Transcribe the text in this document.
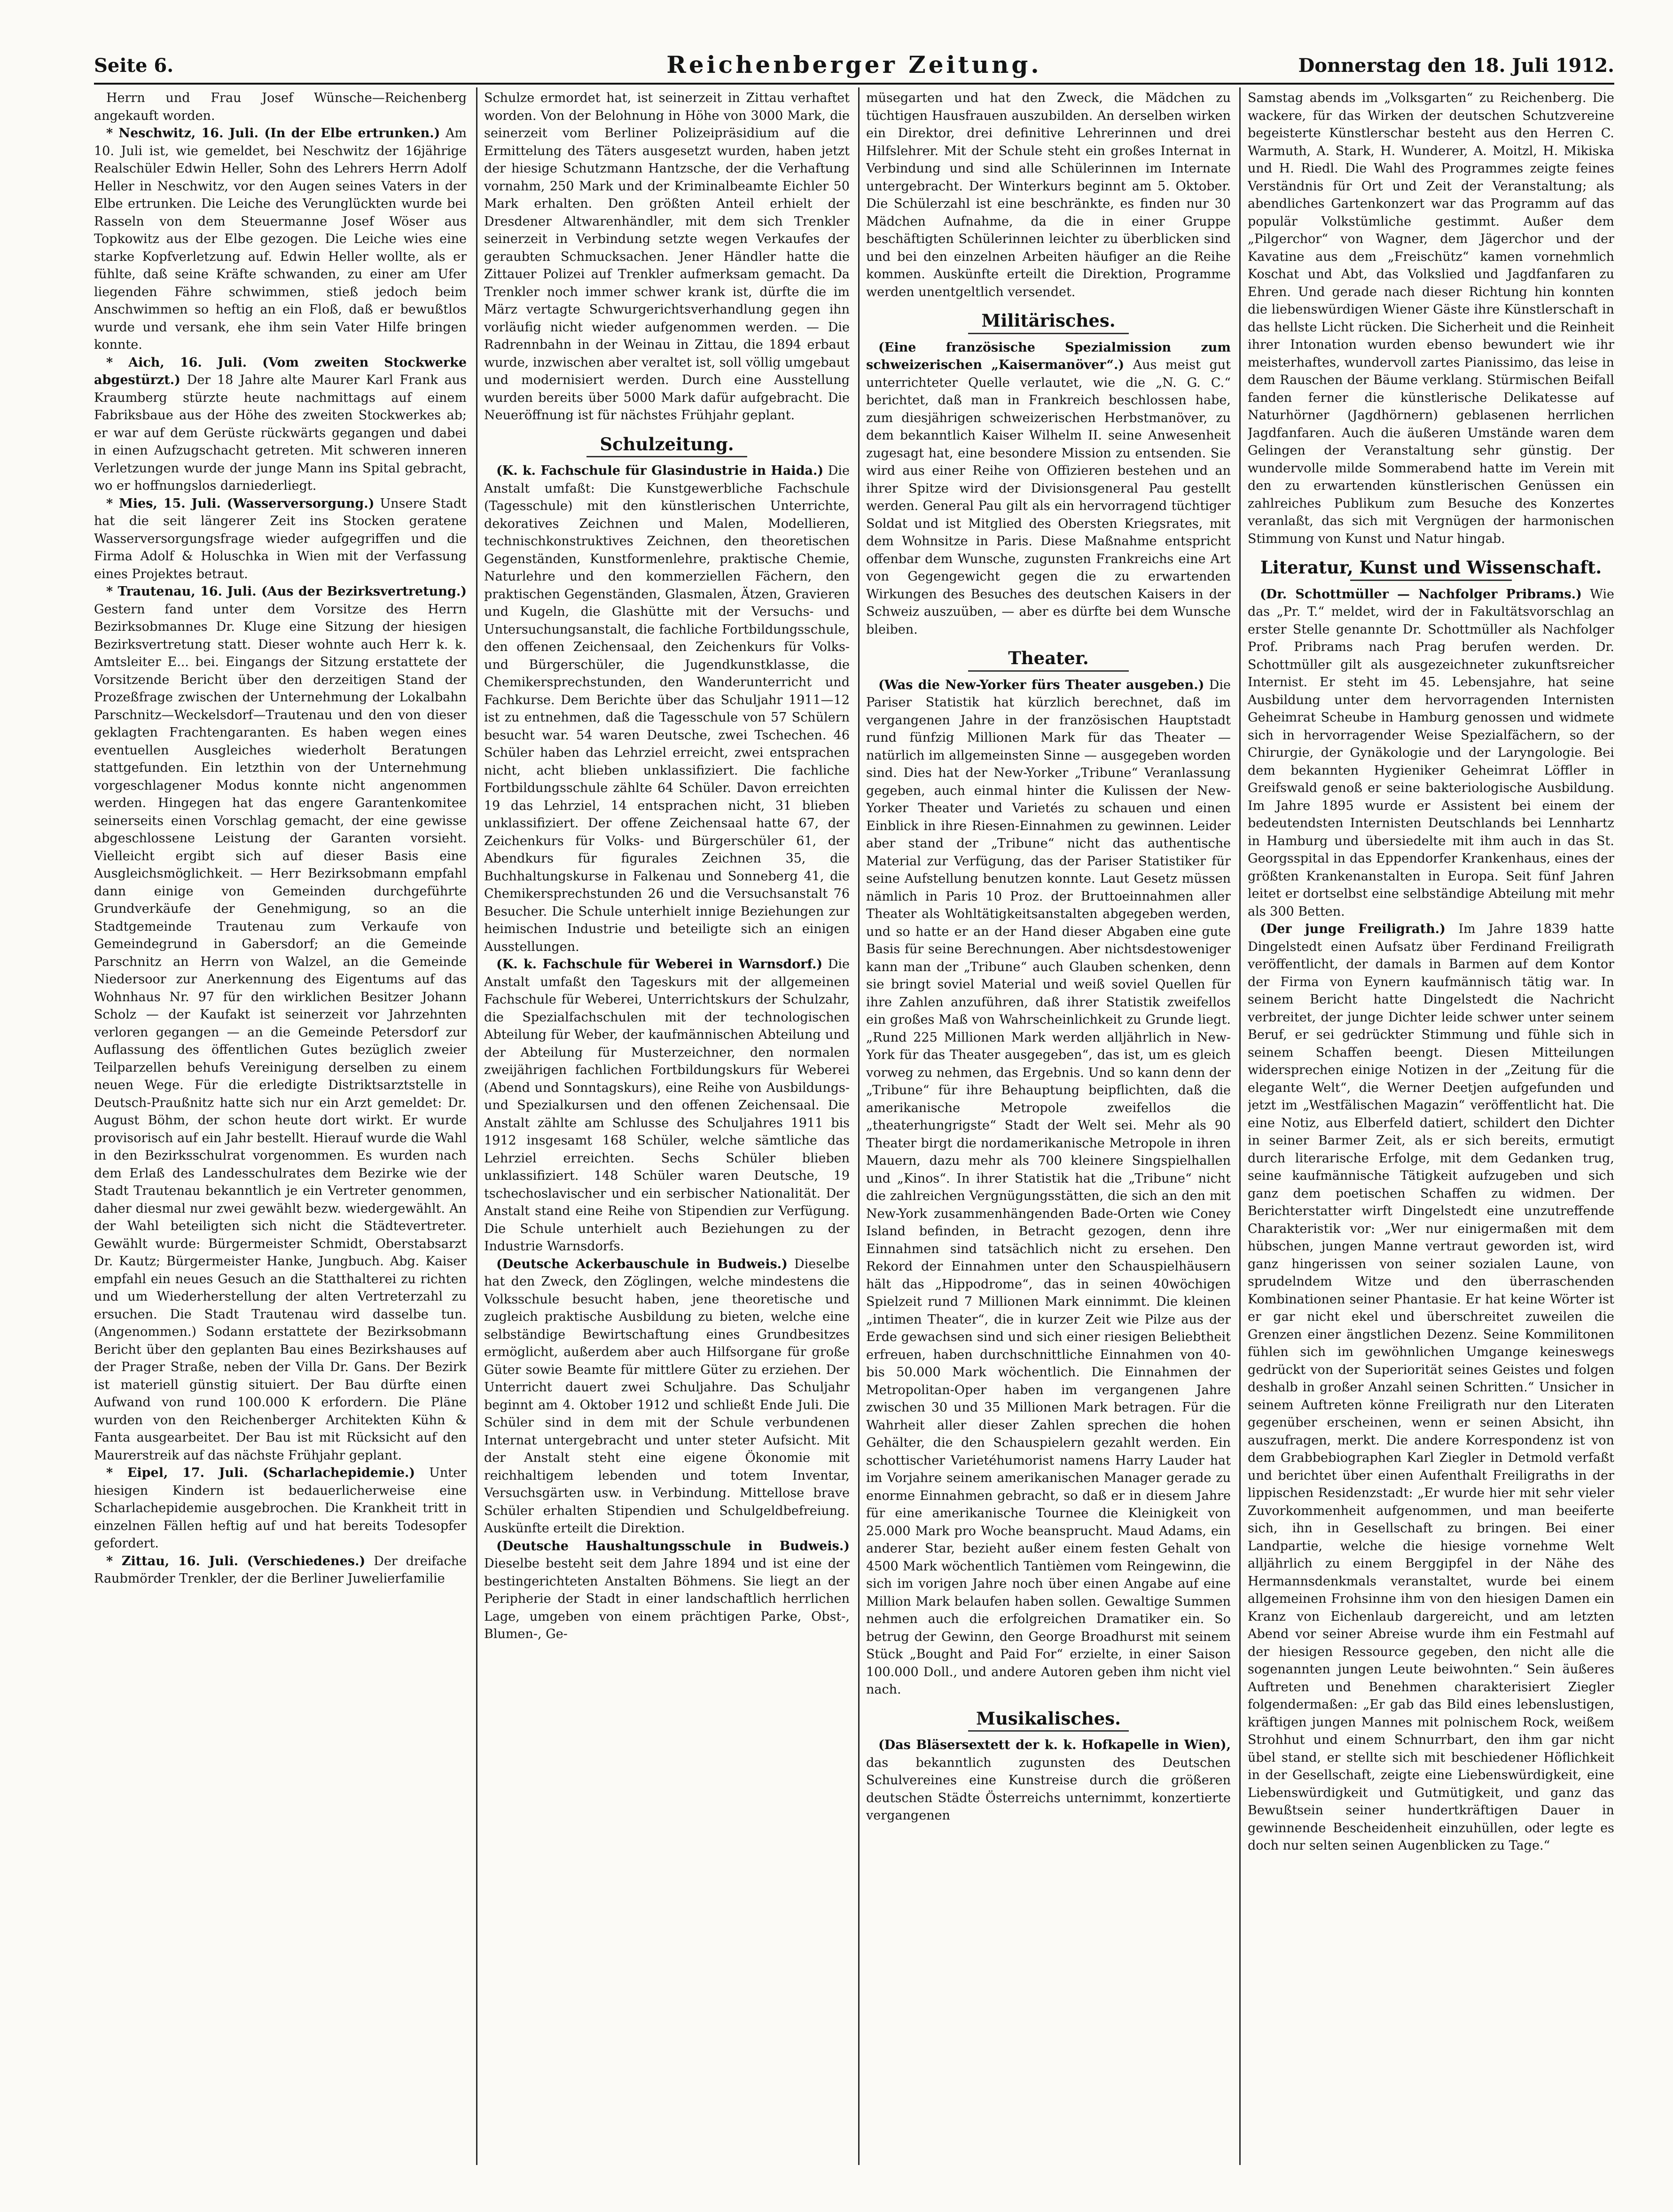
Seite 6.	Reichenberger Zeitung.	Donnerstag den 18. Juli 1912.

Herrn und Frau Josef Wünsche—Reichenberg angekauft worden.

* Neschwitz, 16. Juli. (In der Elbe ertrunken.) Am 10. Juli ist, wie gemeldet, bei Neschwitz der 16jährige Realschüler Edwin Heller, Sohn des Lehrers Herrn Adolf Heller in Neschwitz, vor den Augen seines Vaters in der Elbe ertrunken. Die Leiche des Verunglückten wurde bei Rasseln von dem Steuermanne Josef Wöser aus Topkowitz aus der Elbe gezogen. Die Leiche wies eine starke Kopfverletzung auf. Edwin Heller wollte, als er fühlte, daß seine Kräfte schwanden, zu einer am Ufer liegenden Fähre schwimmen, stieß jedoch beim Anschwimmen so heftig an ein Floß, daß er bewußtlos wurde und versank, ehe ihm sein Vater Hilfe bringen konnte.

* Aich, 16. Juli. (Vom zweiten Stockwerke abgestürzt.) Der 18 Jahre alte Maurer Karl Frank aus Kraumberg stürzte heute nachmittags auf einem Fabriksbaue aus der Höhe des zweiten Stockwerkes ab; er war auf dem Gerüste rückwärts gegangen und dabei in einen Aufzugschacht getreten. Mit schweren inneren Verletzungen wurde der junge Mann ins Spital gebracht, wo er hoffnungslos darniederliegt.

* Mies, 15. Juli. (Wasserversorgung.) Unsere Stadt hat die seit längerer Zeit ins Stocken geratene Wasserversorgungsfrage wieder aufgegriffen und die Firma Adolf & Holuschka in Wien mit der Verfassung eines Projektes betraut.

* Trautenau, 16. Juli. (Aus der Bezirksvertretung.) Gestern fand unter dem Vorsitze des Herrn Bezirksobmannes Dr. Kluge eine Sitzung der hiesigen Bezirksvertretung statt. Dieser wohnte auch Herr k. k. Amtsleiter E... bei. Eingangs der Sitzung erstattete der Vorsitzende Bericht über den derzeitigen Stand der Prozeßfrage zwischen der Unternehmung der Lokalbahn Parschnitz—Weckelsdorf—Trautenau und den von dieser geklagten Frachtengaranten. Es haben wegen eines eventuellen Ausgleiches wiederholt Beratungen stattgefunden. Ein letzthin von der Unternehmung vorgeschlagener Modus konnte nicht angenommen werden. Hingegen hat das engere Garantenkomitee seinerseits einen Vorschlag gemacht, der eine gewisse abgeschlossene Leistung der Garanten vorsieht. Vielleicht ergibt sich auf dieser Basis eine Ausgleichsmöglichkeit. — Herr Bezirksobmann empfahl dann einige von Gemeinden durchgeführte Grundverkäufe der Genehmigung, so an die Stadtgemeinde Trautenau zum Verkaufe von Gemeindegrund in Gabersdorf; an die Gemeinde Parschnitz an Herrn von Walzel, an die Gemeinde Niedersoor zur Anerkennung des Eigentums auf das Wohnhaus Nr. 97 für den wirklichen Besitzer Johann Scholz — der Kaufakt ist seinerzeit vor Jahrzehnten verloren gegangen — an die Gemeinde Petersdorf zur Auflassung des öffentlichen Gutes bezüglich zweier Teilparzellen behufs Vereinigung derselben zu einem neuen Wege. Für die erledigte Distriktsarztstelle in Deutsch-Praußnitz hatte sich nur ein Arzt gemeldet: Dr. August Böhm, der schon heute dort wirkt. Er wurde provisorisch auf ein Jahr bestellt. Hierauf wurde die Wahl in den Bezirksschulrat vorgenommen. Es wurden nach dem Erlaß des Landesschulrates dem Bezirke wie der Stadt Trautenau bekanntlich je ein Vertreter genommen, daher diesmal nur zwei gewählt bezw. wiedergewählt. An der Wahl beteiligten sich nicht die Städtevertreter. Gewählt wurde: Bürgermeister Schmidt, Oberstabsarzt Dr. Kautz; Bürgermeister Hanke, Jungbuch. Abg. Kaiser empfahl ein neues Gesuch an die Statthalterei zu richten und um Wiederherstellung der alten Vertreterzahl zu ersuchen. Die Stadt Trautenau wird dasselbe tun. (Angenommen.) Sodann erstattete der Bezirksobmann Bericht über den geplanten Bau eines Bezirkshauses auf der Prager Straße, neben der Villa Dr. Gans. Der Bezirk ist materiell günstig situiert. Der Bau dürfte einen Aufwand von rund 100.000 K erfordern. Die Pläne wurden von den Reichenberger Architekten Kühn & Fanta ausgearbeitet. Der Bau ist mit Rücksicht auf den Maurerstreik auf das nächste Frühjahr geplant.

* Eipel, 17. Juli. (Scharlachepidemie.) Unter hiesigen Kindern ist bedauerlicherweise eine Scharlachepidemie ausgebrochen. Die Krankheit tritt in einzelnen Fällen heftig auf und hat bereits Todesopfer gefordert.

* Zittau, 16. Juli. (Verschiedenes.) Der dreifache Raubmörder Trenkler, der die Berliner Juwelierfamilie

Schulze ermordet hat, ist seinerzeit in Zittau verhaftet worden. Von der Belohnung in Höhe von 3000 Mark, die seinerzeit vom Berliner Polizeipräsidium auf die Ermittelung des Täters ausgesetzt wurden, haben jetzt der hiesige Schutzmann Hantzsche, der die Verhaftung vornahm, 250 Mark und der Kriminalbeamte Eichler 50 Mark erhalten. Den größten Anteil erhielt der Dresdener Altwarenhändler, mit dem sich Trenkler seinerzeit in Verbindung setzte wegen Verkaufes der geraubten Schmucksachen. Jener Händler hatte die Zittauer Polizei auf Trenkler aufmerksam gemacht. Da Trenkler noch immer schwer krank ist, dürfte die im März vertagte Schwurgerichtsverhandlung gegen ihn vorläufig nicht wieder aufgenommen werden. — Die Radrennbahn in der Weinau in Zittau, die 1894 erbaut wurde, inzwischen aber veraltet ist, soll völlig umgebaut und modernisiert werden. Durch eine Ausstellung wurden bereits über 5000 Mark dafür aufgebracht. Die Neueröffnung ist für nächstes Frühjahr geplant.

Schulzeitung.

(K. k. Fachschule für Glasindustrie in Haida.) Die Anstalt umfaßt: Die Kunstgewerbliche Fachschule (Tagesschule) mit den künstlerischen Unterrichte, dekoratives Zeichnen und Malen, Modellieren, technischkonstruktives Zeichnen, den theoretischen Gegenständen, Kunstformenlehre, praktische Chemie, Naturlehre und den kommerziellen Fächern, den praktischen Gegenständen, Glasmalen, Ätzen, Gravieren und Kugeln, die Glashütte mit der Versuchs- und Untersuchungsanstalt, die fachliche Fortbildungsschule, den offenen Zeichensaal, den Zeichenkurs für Volks- und Bürgerschüler, die Jugendkunstklasse, die Chemikersprechstunden, den Wanderunterricht und Fachkurse. Dem Berichte über das Schuljahr 1911—12 ist zu entnehmen, daß die Tagesschule von 57 Schülern besucht war. 54 waren Deutsche, zwei Tschechen. 46 Schüler haben das Lehrziel erreicht, zwei entsprachen nicht, acht blieben unklassifiziert. Die fachliche Fortbildungsschule zählte 64 Schüler. Davon erreichten 19 das Lehrziel, 14 entsprachen nicht, 31 blieben unklassifiziert. Der offene Zeichensaal hatte 67, der Zeichenkurs für Volks- und Bürgerschüler 61, der Abendkurs für figurales Zeichnen 35, die Buchhaltungskurse in Falkenau und Sonneberg 41, die Chemikersprechstunden 26 und die Versuchsanstalt 76 Besucher. Die Schule unterhielt innige Beziehungen zur heimischen Industrie und beteiligte sich an einigen Ausstellungen.

(K. k. Fachschule für Weberei in Warnsdorf.) Die Anstalt umfaßt den Tageskurs mit der allgemeinen Fachschule für Weberei, Unterrichtskurs der Schulzahr, die Spezialfachschulen mit der technologischen Abteilung für Weber, der kaufmännischen Abteilung und der Abteilung für Musterzeichner, den normalen zweijährigen fachlichen Fortbildungskurs für Weberei (Abend und Sonntagskurs), eine Reihe von Ausbildungs- und Spezialkursen und den offenen Zeichensaal. Die Anstalt zählte am Schlusse des Schuljahres 1911 bis 1912 insgesamt 168 Schüler, welche sämtliche das Lehrziel erreichten. Sechs Schüler blieben unklassifiziert. 148 Schüler waren Deutsche, 19 tschechoslavischer und ein serbischer Nationalität. Der Anstalt stand eine Reihe von Stipendien zur Verfügung. Die Schule unterhielt auch Beziehungen zu der Industrie Warnsdorfs.

(Deutsche Ackerbauschule in Budweis.) Dieselbe hat den Zweck, den Zöglingen, welche mindestens die Volksschule besucht haben, jene theoretische und zugleich praktische Ausbildung zu bieten, welche eine selbständige Bewirtschaftung eines Grundbesitzes ermöglicht, außerdem aber auch Hilfsorgane für große Güter sowie Beamte für mittlere Güter zu erziehen. Der Unterricht dauert zwei Schuljahre. Das Schuljahr beginnt am 4. Oktober 1912 und schließt Ende Juli. Die Schüler sind in dem mit der Schule verbundenen Internat untergebracht und unter steter Aufsicht. Mit der Anstalt steht eine eigene Ökonomie mit reichhaltigem lebenden und totem Inventar, Versuchsgärten usw. in Verbindung. Mittellose brave Schüler erhalten Stipendien und Schulgeldbefreiung. Auskünfte erteilt die Direktion.

(Deutsche Haushaltungsschule in Budweis.) Dieselbe besteht seit dem Jahre 1894 und ist eine der bestingerichteten Anstalten Böhmens. Sie liegt an der Peripherie der Stadt in einer landschaftlich herrlichen Lage, umgeben von einem prächtigen Parke, Obst-, Blumen-, Ge-

müsegarten und hat den Zweck, die Mädchen zu tüchtigen Hausfrauen auszubilden. An derselben wirken ein Direktor, drei definitive Lehrerinnen und drei Hilfslehrer. Mit der Schule steht ein großes Internat in Verbindung und sind alle Schülerinnen im Internate untergebracht. Der Winterkurs beginnt am 5. Oktober. Die Schülerzahl ist eine beschränkte, es finden nur 30 Mädchen Aufnahme, da die in einer Gruppe beschäftigten Schülerinnen leichter zu überblicken sind und bei den einzelnen Arbeiten häufiger an die Reihe kommen. Auskünfte erteilt die Direktion, Programme werden unentgeltlich versendet.

Militärisches.

(Eine französische Spezialmission zum schweizerischen „Kaisermanöver“.) Aus meist gut unterrichteter Quelle verlautet, wie die „N. G. C.“ berichtet, daß man in Frankreich beschlossen habe, zum diesjährigen schweizerischen Herbstmanöver, zu dem bekanntlich Kaiser Wilhelm II. seine Anwesenheit zugesagt hat, eine besondere Mission zu entsenden. Sie wird aus einer Reihe von Offizieren bestehen und an ihrer Spitze wird der Divisionsgeneral Pau gestellt werden. General Pau gilt als ein hervorragend tüchtiger Soldat und ist Mitglied des Obersten Kriegsrates, mit dem Wohnsitze in Paris. Diese Maßnahme entspricht offenbar dem Wunsche, zugunsten Frankreichs eine Art von Gegengewicht gegen die zu erwartenden Wirkungen des Besuches des deutschen Kaisers in der Schweiz auszuüben, — aber es dürfte bei dem Wunsche bleiben.

Theater.

(Was die New-Yorker fürs Theater ausgeben.) Die Pariser Statistik hat kürzlich berechnet, daß im vergangenen Jahre in der französischen Hauptstadt rund fünfzig Millionen Mark für das Theater — natürlich im allgemeinsten Sinne — ausgegeben worden sind. Dies hat der New-Yorker „Tribune“ Veranlassung gegeben, auch einmal hinter die Kulissen der New-Yorker Theater und Varietés zu schauen und einen Einblick in ihre Riesen-Einnahmen zu gewinnen. Leider aber stand der „Tribune“ nicht das authentische Material zur Verfügung, das der Pariser Statistiker für seine Aufstellung benutzen konnte. Laut Gesetz müssen nämlich in Paris 10 Proz. der Bruttoeinnahmen aller Theater als Wohltätigkeitsanstalten abgegeben werden, und so hatte er an der Hand dieser Abgaben eine gute Basis für seine Berechnungen. Aber nichtsdestoweniger kann man der „Tribune“ auch Glauben schenken, denn sie bringt soviel Material und weiß soviel Quellen für ihre Zahlen anzuführen, daß ihrer Statistik zweifellos ein großes Maß von Wahrscheinlichkeit zu Grunde liegt. „Rund 225 Millionen Mark werden alljährlich in New-York für das Theater ausgegeben“, das ist, um es gleich vorweg zu nehmen, das Ergebnis. Und so kann denn der „Tribune“ für ihre Behauptung beipflichten, daß die amerikanische Metropole zweifellos die „theaterhungrigste“ Stadt der Welt sei. Mehr als 90 Theater birgt die nordamerikanische Metropole in ihren Mauern, dazu mehr als 700 kleinere Singspielhallen und „Kinos“. In ihrer Statistik hat die „Tribune“ nicht die zahlreichen Vergnügungsstätten, die sich an den mit New-York zusammenhängenden Bade-Orten wie Coney Island befinden, in Betracht gezogen, denn ihre Einnahmen sind tatsächlich nicht zu ersehen. Den Rekord der Einnahmen unter den Schauspielhäusern hält das „Hippodrome“, das in seinen 40wöchigen Spielzeit rund 7 Millionen Mark einnimmt. Die kleinen „intimen Theater“, die in kurzer Zeit wie Pilze aus der Erde gewachsen sind und sich einer riesigen Beliebtheit erfreuen, haben durchschnittliche Einnahmen von 40- bis 50.000 Mark wöchentlich. Die Einnahmen der Metropolitan-Oper haben im vergangenen Jahre zwischen 30 und 35 Millionen Mark betragen. Für die Wahrheit aller dieser Zahlen sprechen die hohen Gehälter, die den Schauspielern gezahlt werden. Ein schottischer Varietéhumorist namens Harry Lauder hat im Vorjahre seinem amerikanischen Manager gerade zu enorme Einnahmen gebracht, so daß er in diesem Jahre für eine amerikanische Tournee die Kleinigkeit von 25.000 Mark pro Woche beansprucht. Maud Adams, ein anderer Star, bezieht außer einem festen Gehalt von 4500 Mark wöchentlich Tantièmen vom Reingewinn, die sich im vorigen Jahre noch über einen Angabe auf eine Million Mark belaufen haben sollen. Gewaltige Summen nehmen auch die erfolgreichen Dramatiker ein. So betrug der Gewinn, den George Broadhurst mit seinem Stück „Bought and Paid For“ erzielte, in einer Saison 100.000 Doll., und andere Autoren geben ihm nicht viel nach.

Musikalisches.

(Das Bläsersextett der k. k. Hofkapelle in Wien), das bekanntlich zugunsten des Deutschen Schulvereines eine Kunstreise durch die größeren deutschen Städte Österreichs unternimmt, konzertierte vergangenen

Samstag abends im „Volksgarten“ zu Reichenberg. Die wackere, für das Wirken der deutschen Schutzvereine begeisterte Künstlerschar besteht aus den Herren C. Warmuth, A. Stark, H. Wunderer, A. Moitzl, H. Mikiska und H. Riedl. Die Wahl des Programmes zeigte feines Verständnis für Ort und Zeit der Veranstaltung; als abendliches Gartenkonzert war das Programm auf das populär Volkstümliche gestimmt. Außer dem „Pilgerchor“ von Wagner, dem Jägerchor und der Kavatine aus dem „Freischütz“ kamen vornehmlich Koschat und Abt, das Volkslied und Jagdfanfaren zu Ehren. Und gerade nach dieser Richtung hin konnten die liebenswürdigen Wiener Gäste ihre Künstlerschaft in das hellste Licht rücken. Die Sicherheit und die Reinheit ihrer Intonation wurden ebenso bewundert wie ihr meisterhaftes, wundervoll zartes Pianissimo, das leise in dem Rauschen der Bäume verklang. Stürmischen Beifall fanden ferner die künstlerische Delikatesse auf Naturhörner (Jagdhörnern) geblasenen herrlichen Jagdfanfaren. Auch die äußeren Umstände waren dem Gelingen der Veranstaltung sehr günstig. Der wundervolle milde Sommerabend hatte im Verein mit den zu erwartenden künstlerischen Genüssen ein zahlreiches Publikum zum Besuche des Konzertes veranlaßt, das sich mit Vergnügen der harmonischen Stimmung von Kunst und Natur hingab.

Literatur, Kunst und Wissenschaft.

(Dr. Schottmüller — Nachfolger Pribrams.) Wie das „Pr. T.“ meldet, wird der in Fakultätsvorschlag an erster Stelle genannte Dr. Schottmüller als Nachfolger Prof. Pribrams nach Prag berufen werden. Dr. Schottmüller gilt als ausgezeichneter zukunftsreicher Internist. Er steht im 45. Lebensjahre, hat seine Ausbildung unter dem hervorragenden Internisten Geheimrat Scheube in Hamburg genossen und widmete sich in hervorragender Weise Spezialfächern, so der Chirurgie, der Gynäkologie und der Laryngologie. Bei dem bekannten Hygieniker Geheimrat Löffler in Greifswald genoß er seine bakteriologische Ausbildung. Im Jahre 1895 wurde er Assistent bei einem der bedeutendsten Internisten Deutschlands bei Lennhartz in Hamburg und übersiedelte mit ihm auch in das St. Georgsspital in das Eppendorfer Krankenhaus, eines der größten Krankenanstalten in Europa. Seit fünf Jahren leitet er dortselbst eine selbständige Abteilung mit mehr als 300 Betten.

(Der junge Freiligrath.) Im Jahre 1839 hatte Dingelstedt einen Aufsatz über Ferdinand Freiligrath veröffentlicht, der damals in Barmen auf dem Kontor der Firma von Eynern kaufmännisch tätig war. In seinem Bericht hatte Dingelstedt die Nachricht verbreitet, der junge Dichter leide schwer unter seinem Beruf, er sei gedrückter Stimmung und fühle sich in seinem Schaffen beengt. Diesen Mitteilungen widersprechen einige Notizen in der „Zeitung für die elegante Welt“, die Werner Deetjen aufgefunden und jetzt im „Westfälischen Magazin“ veröffentlicht hat. Die eine Notiz, aus Elberfeld datiert, schildert den Dichter in seiner Barmer Zeit, als er sich bereits, ermutigt durch literarische Erfolge, mit dem Gedanken trug, seine kaufmännische Tätigkeit aufzugeben und sich ganz dem poetischen Schaffen zu widmen. Der Berichterstatter wirft Dingelstedt eine unzutreffende Charakteristik vor: „Wer nur einigermaßen mit dem hübschen, jungen Manne vertraut geworden ist, wird ganz hingerissen von seiner sozialen Laune, von sprudelndem Witze und den überraschenden Kombinationen seiner Phantasie. Er hat keine Wörter ist er gar nicht ekel und überschreitet zuweilen die Grenzen einer ängstlichen Dezenz. Seine Kommilitonen fühlen sich im gewöhnlichen Umgange keineswegs gedrückt von der Superiorität seines Geistes und folgen deshalb in großer Anzahl seinen Schritten.“ Unsicher in seinem Auftreten könne Freiligrath nur den Literaten gegenüber erscheinen, wenn er seinen Absicht, ihn auszufragen, merkt. Die andere Korrespondenz ist von dem Grabbebiographen Karl Ziegler in Detmold verfaßt und berichtet über einen Aufenthalt Freiligraths in der lippischen Residenzstadt: „Er wurde hier mit sehr vieler Zuvorkommenheit aufgenommen, und man beeiferte sich, ihn in Gesellschaft zu bringen. Bei einer Landpartie, welche die hiesige vornehme Welt alljährlich zu einem Berggipfel in der Nähe des Hermannsdenkmals veranstaltet, wurde bei einem allgemeinen Frohsinne ihm von den hiesigen Damen ein Kranz von Eichenlaub dargereicht, und am letzten Abend vor seiner Abreise wurde ihm ein Festmahl auf der hiesigen Ressource gegeben, den nicht alle die sogenannten jungen Leute beiwohnten.“ Sein äußeres Auftreten und Benehmen charakterisiert Ziegler folgendermaßen: „Er gab das Bild eines lebenslustigen, kräftigen jungen Mannes mit polnischem Rock, weißem Strohhut und einem Schnurrbart, den ihm gar nicht übel stand, er stellte sich mit beschiedener Höflichkeit in der Gesellschaft, zeigte eine Liebenswürdigkeit, eine Liebenswürdigkeit und Gutmütigkeit, und ganz das Bewußtsein seiner hundertkräftigen Dauer in gewinnende Bescheidenheit einzuhüllen, oder legte es doch nur selten seinen Augenblicken zu Tage.“
